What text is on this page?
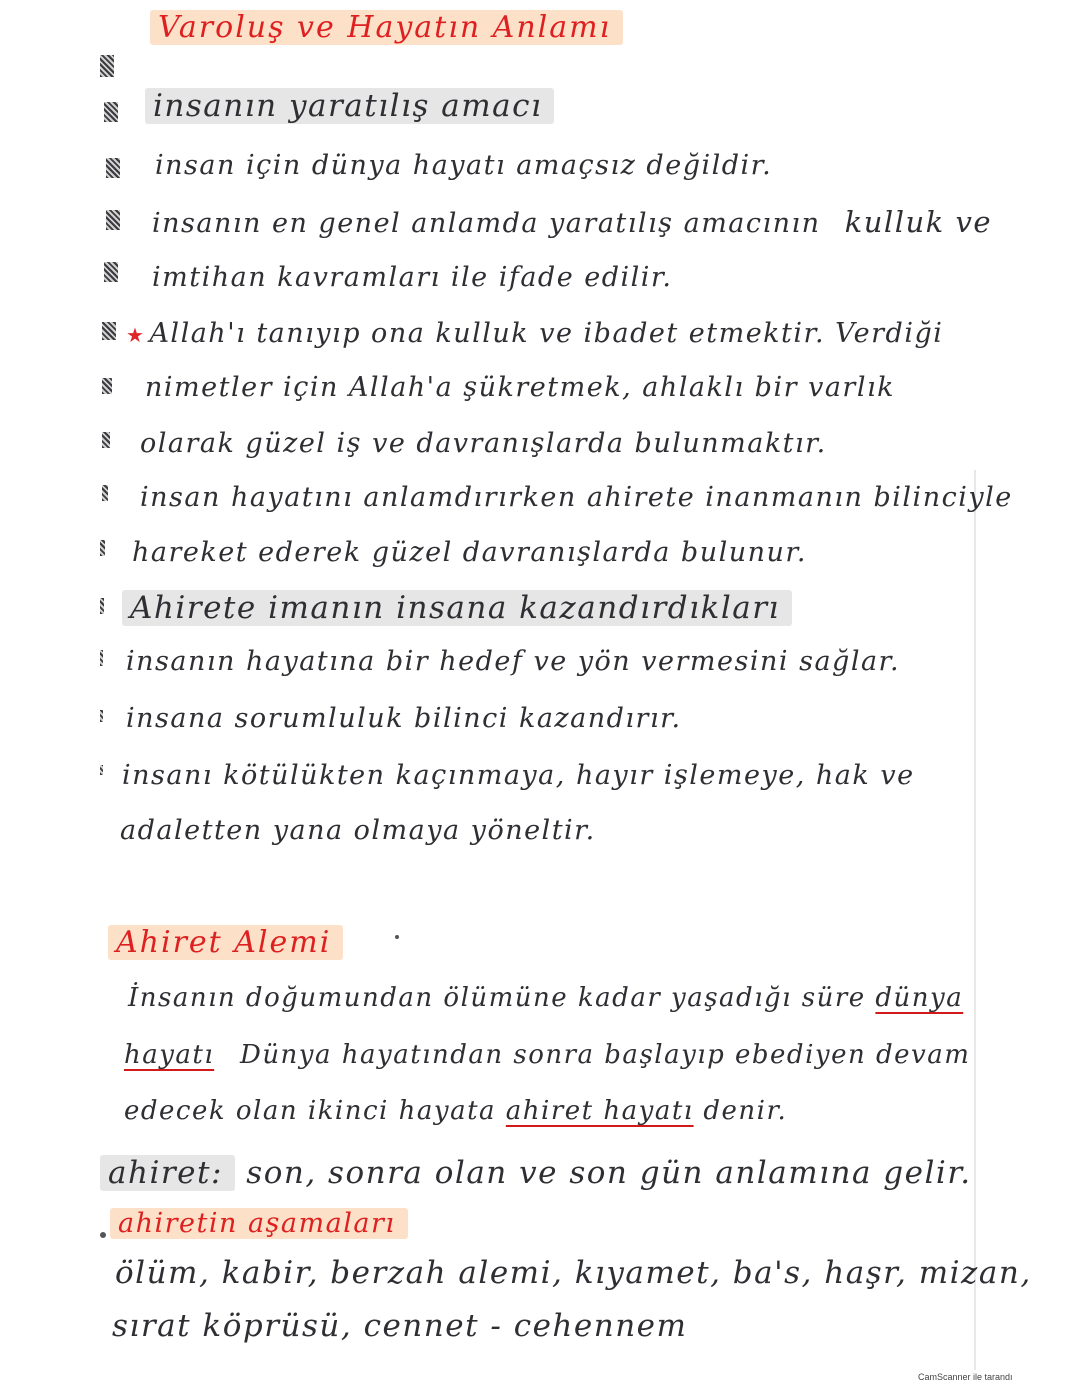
Varoluş ve Hayatın Anlamı
insanın yaratılış amacı
insan için dünya hayatı amaçsız değildir.
insanın en genel anlamda yaratılış amacının kulluk ve
imtihan kavramları ile ifade edilir.
★ Allah'ı tanıyıp ona kulluk ve ibadet etmektir. Verdiği
nimetler için Allah'a şükretmek, ahlaklı bir varlık
olarak güzel iş ve davranışlarda bulunmaktır.
insan hayatını anlamdırırken ahirete inanmanın bilinciyle
hareket ederek güzel davranışlarda bulunur.
Ahirete imanın insana kazandırdıkları
insanın hayatına bir hedef ve yön vermesini sağlar.
insana sorumluluk bilinci kazandırır.
insanı kötülükten kaçınmaya, hayır işlemeye, hak ve
adaletten yana olmaya yöneltir.
Ahiret Alemi
İnsanın doğumundan ölümüne kadar yaşadığı süre dünya
hayatı Dünya hayatından sonra başlayıp ebediyen devam
edecek olan ikinci hayata ahiret hayatı denir.
ahiret: son, sonra olan ve son gün anlamına gelir.
ahiretin aşamaları
ölüm, kabir, berzah alemi, kıyamet, ba's, haşr, mizan,
sırat köprüsü, cennet - cehennem
CamScanner ile tarandı
